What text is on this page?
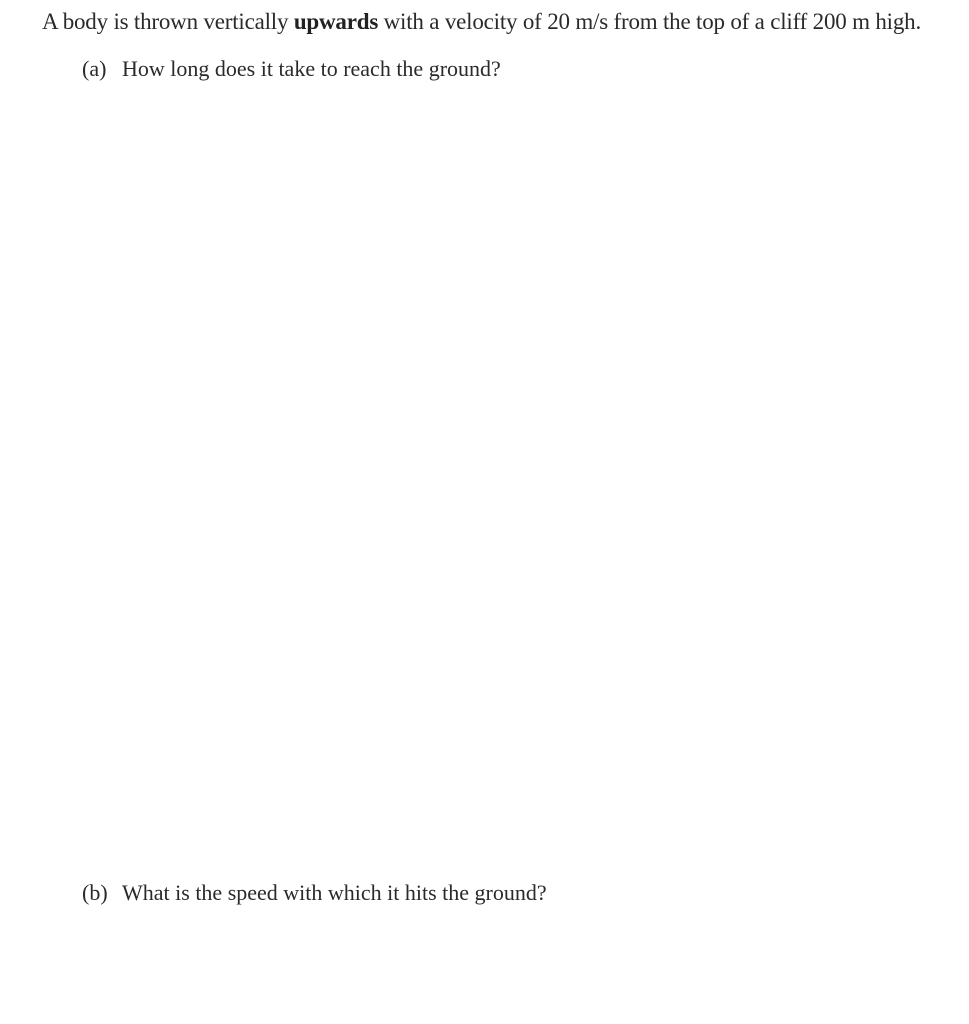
A body is thrown vertically upwards with a velocity of 20 m/s from the top of a cliff 200 m high.
(a) How long does it take to reach the ground?
(b) What is the speed with which it hits the ground?
